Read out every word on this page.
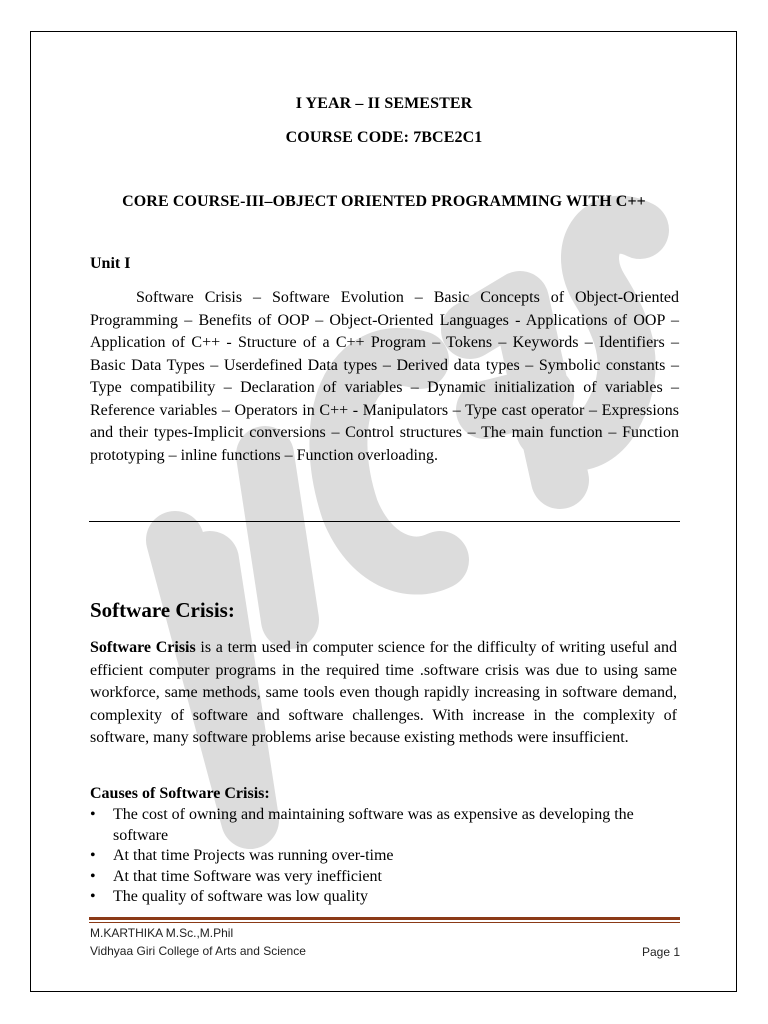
I YEAR – II SEMESTER
COURSE CODE: 7BCE2C1
CORE COURSE-III–OBJECT ORIENTED PROGRAMMING WITH C++
Unit I

Software Crisis – Software Evolution – Basic Concepts of Object-Oriented Programming – Benefits of OOP – Object-Oriented Languages - Applications of OOP – Application of C++ - Structure of a C++ Program – Tokens – Keywords – Identifiers – Basic Data Types – Userdefined Data types – Derived data types – Symbolic constants – Type compatibility – Declaration of variables – Dynamic initialization of variables –Reference variables – Operators in C++ - Manipulators – Type cast operator – Expressions and their types-Implicit conversions – Control structures – The main function – Function prototyping – inline functions – Function overloading.

Software Crisis:

Software Crisis is a term used in computer science for the difficulty of writing useful and efficient computer programs in the required time .software crisis was due to using same workforce, same methods, same tools even though rapidly increasing in software demand, complexity of software and software challenges. With increase in the complexity of software, many software problems arise because existing methods were insufficient.

Causes of Software Crisis:
• The cost of owning and maintaining software was as expensive as developing the software
• At that time Projects was running over-time
• At that time Software was very inefficient
• The quality of software was low quality
M.KARTHIKA M.Sc.,M.Phil
Vidhyaa Giri College of Arts and Science	Page 1
